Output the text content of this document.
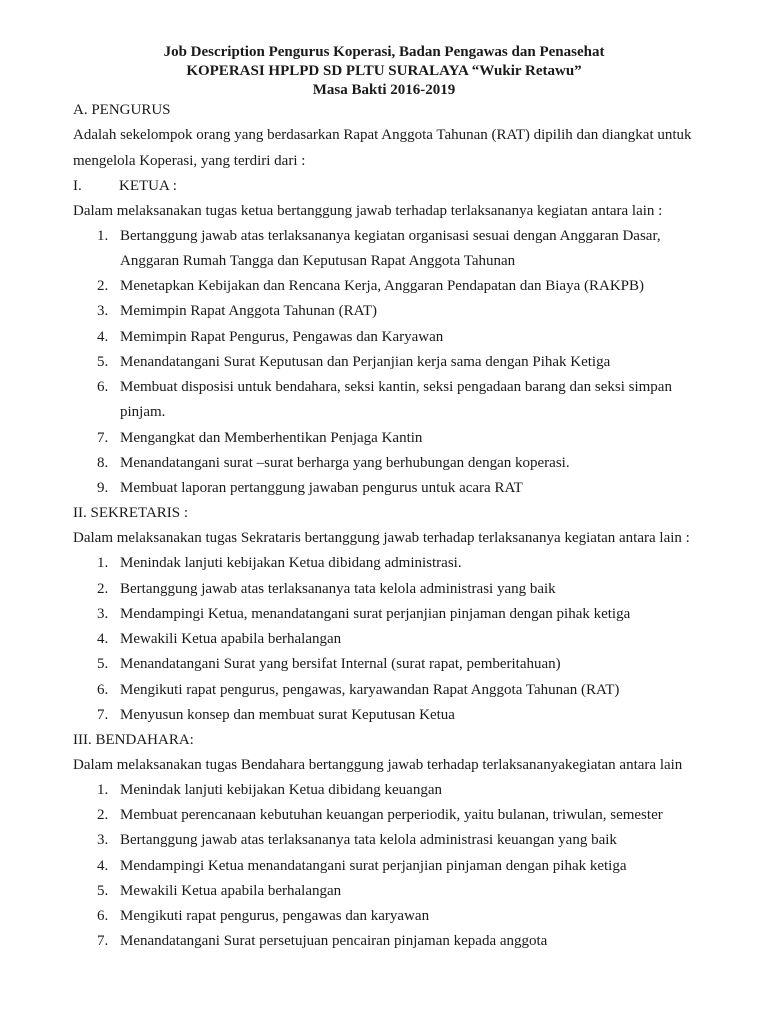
Job Description Pengurus Koperasi, Badan Pengawas dan Penasehat
KOPERASI HPLPD SD PLTU SURALAYA “Wukir Retawu”
Masa Bakti 2016-2019
A. PENGURUS
Adalah sekelompok orang yang berdasarkan Rapat Anggota Tahunan (RAT) dipilih dan diangkat untuk
mengelola Koperasi, yang terdiri dari :
I. KETUA :
Dalam melaksanakan tugas ketua bertanggung jawab terhadap terlaksananya kegiatan antara lain :
1. Bertanggung jawab atas terlaksananya kegiatan organisasi sesuai dengan Anggaran Dasar,
Anggaran Rumah Tangga dan Keputusan Rapat Anggota Tahunan
2. Menetapkan Kebijakan dan Rencana Kerja, Anggaran Pendapatan dan Biaya (RAKPB)
3. Memimpin Rapat Anggota Tahunan (RAT)
4. Memimpin Rapat Pengurus, Pengawas dan Karyawan
5. Menandatangani Surat Keputusan dan Perjanjian kerja sama dengan Pihak Ketiga
6. Membuat disposisi untuk bendahara, seksi kantin, seksi pengadaan barang dan seksi simpan
pinjam.
7. Mengangkat dan Memberhentikan Penjaga Kantin
8. Menandatangani surat –surat berharga yang berhubungan dengan koperasi.
9. Membuat laporan pertanggung jawaban pengurus untuk acara RAT
II. SEKRETARIS :
Dalam melaksanakan tugas Sekrataris bertanggung jawab terhadap terlaksananya kegiatan antara lain :
1. Menindak lanjuti kebijakan Ketua dibidang administrasi.
2. Bertanggung jawab atas terlaksananya tata kelola administrasi yang baik
3. Mendampingi Ketua, menandatangani surat perjanjian pinjaman dengan pihak ketiga
4. Mewakili Ketua apabila berhalangan
5. Menandatangani Surat yang bersifat Internal (surat rapat, pemberitahuan)
6. Mengikuti rapat pengurus, pengawas, karyawandan Rapat Anggota Tahunan (RAT)
7. Menyusun konsep dan membuat surat Keputusan Ketua
III. BENDAHARA:
Dalam melaksanakan tugas Bendahara bertanggung jawab terhadap terlaksananyakegiatan antara lain
1. Menindak lanjuti kebijakan Ketua dibidang keuangan
2. Membuat perencanaan kebutuhan keuangan perperiodik, yaitu bulanan, triwulan, semester
3. Bertanggung jawab atas terlaksananya tata kelola administrasi keuangan yang baik
4. Mendampingi Ketua menandatangani surat perjanjian pinjaman dengan pihak ketiga
5. Mewakili Ketua apabila berhalangan
6. Mengikuti rapat pengurus, pengawas dan karyawan
7. Menandatangani Surat persetujuan pencairan pinjaman kepada anggota
